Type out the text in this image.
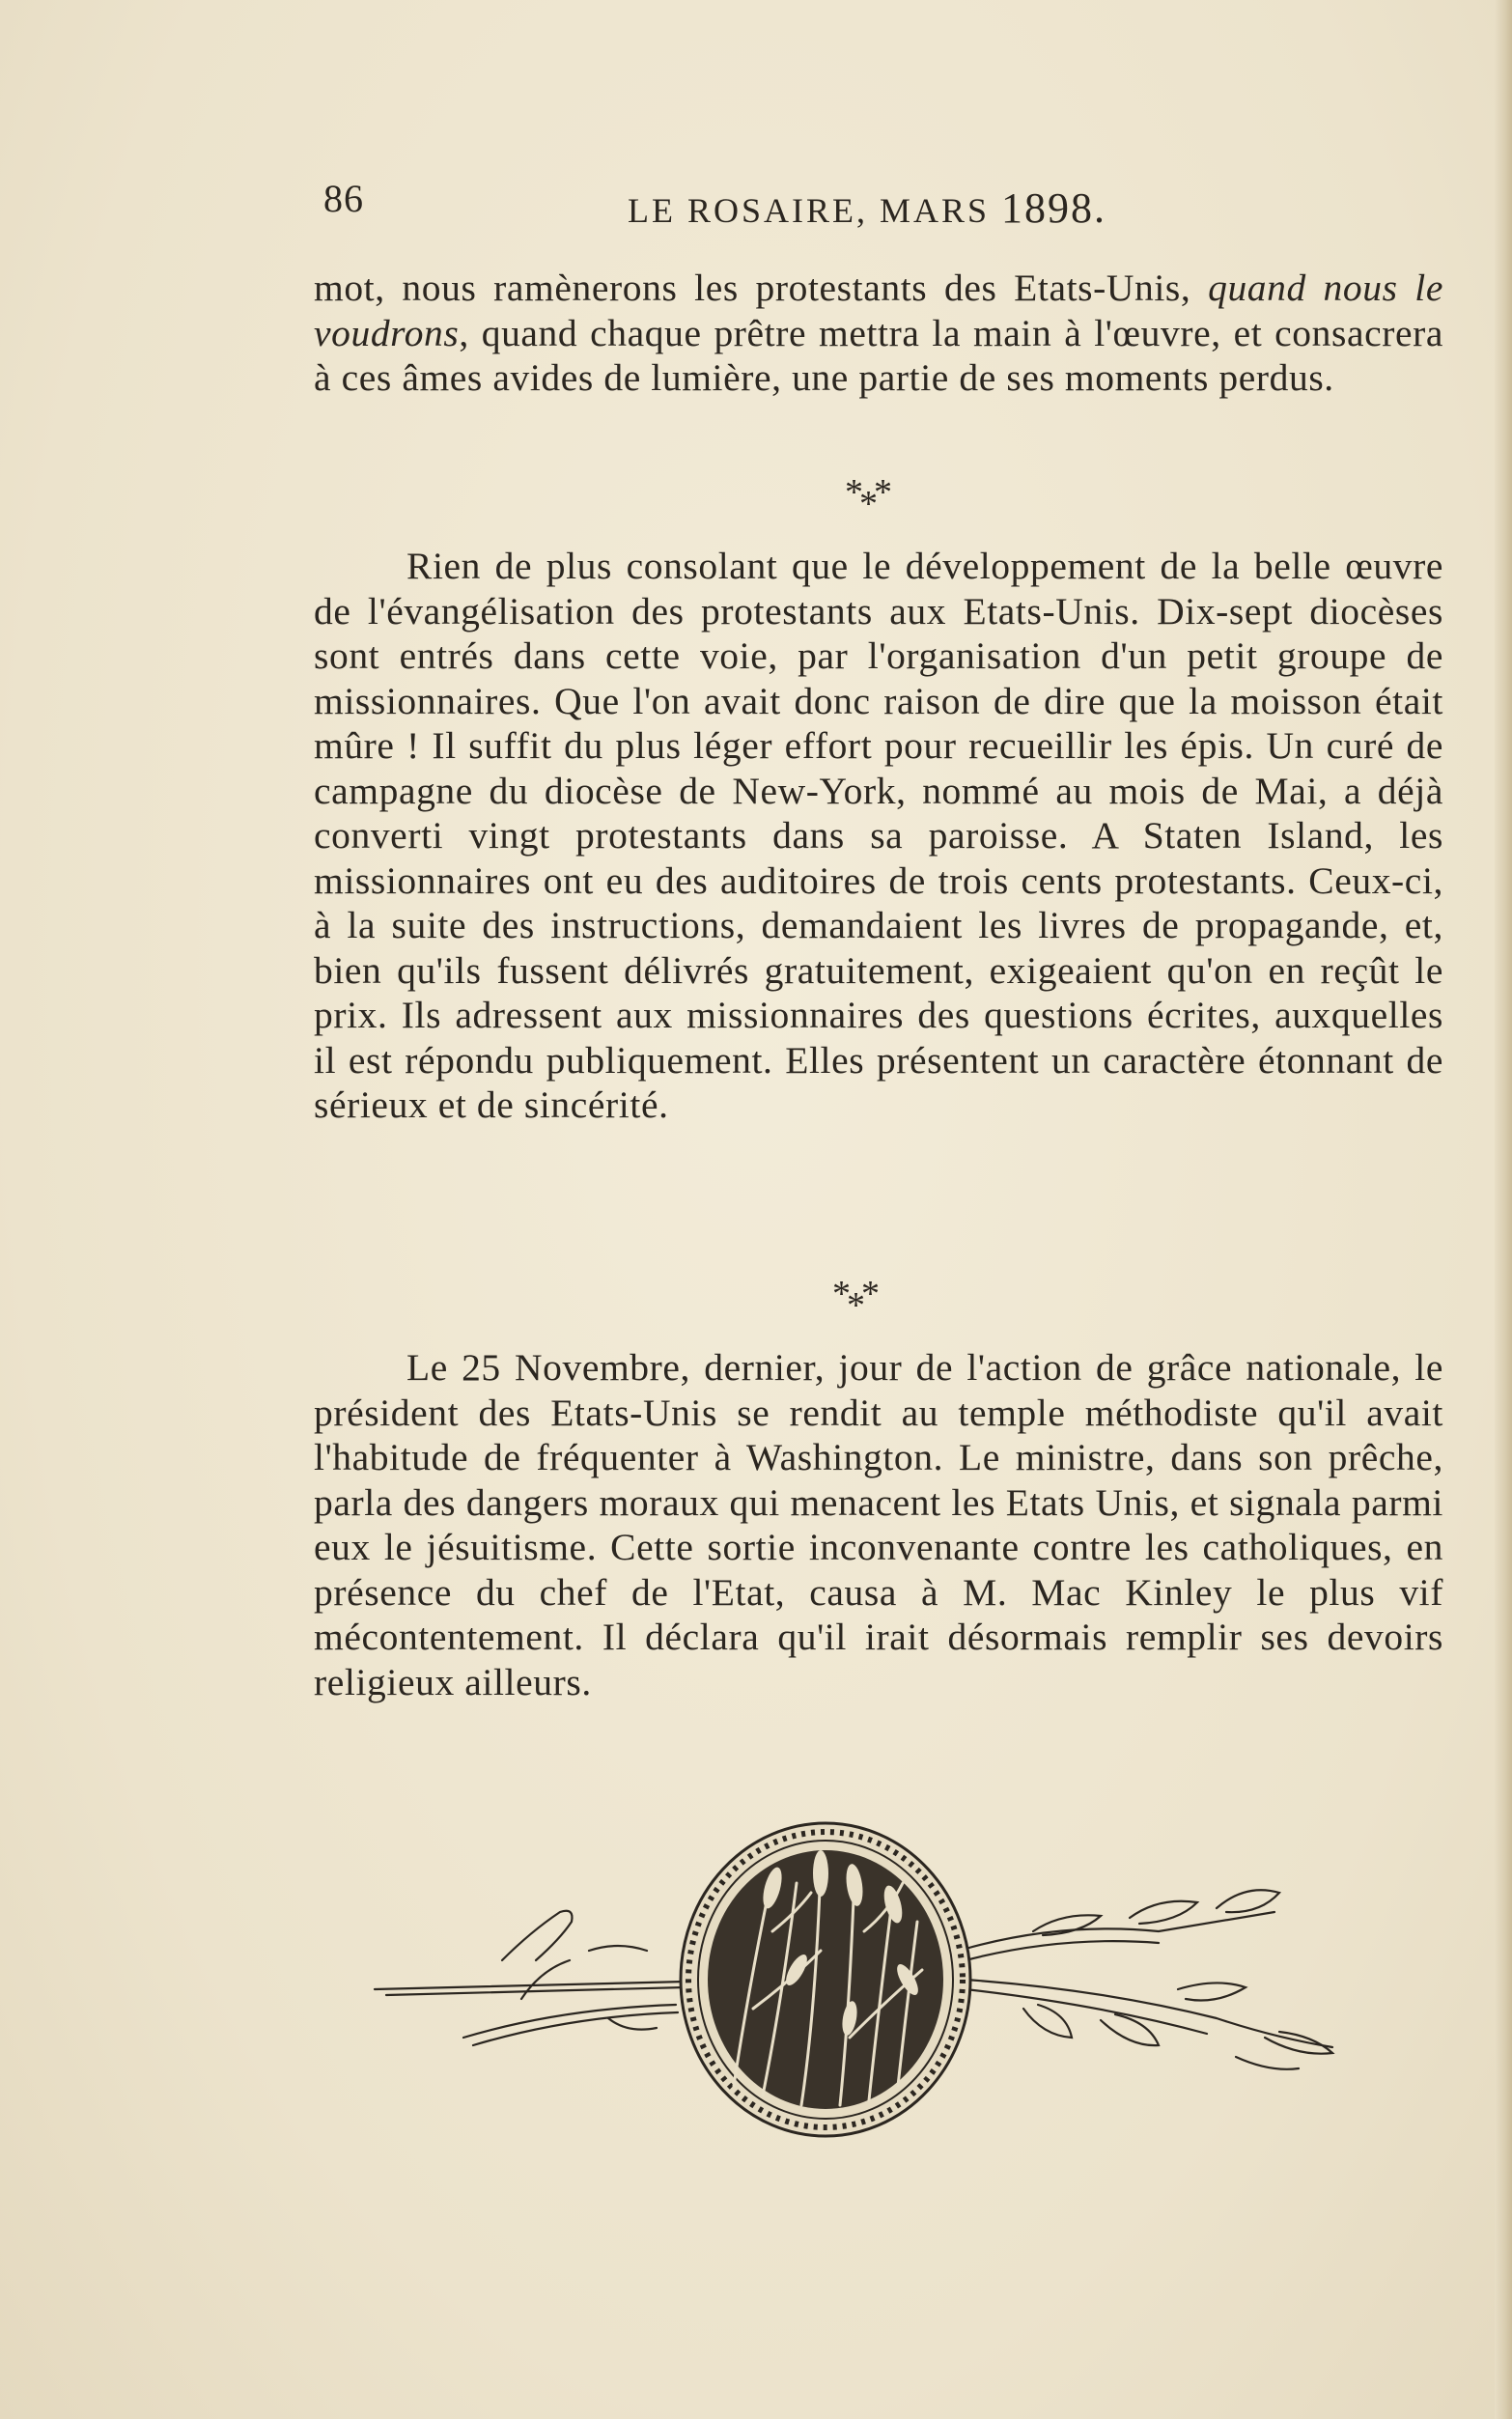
86	LE ROSAIRE, MARS 1898.

mot, nous ramènerons les protestants des Etats-Unis, quand nous le voudrons, quand chaque prêtre mettra la main à l'œuvre, et consacrera à ces âmes avides de lumière, une partie de ses moments perdus.

***

Rien de plus consolant que le développement de la belle œuvre de l'évangélisation des protestants aux Etats-Unis. Dix-sept diocèses sont entrés dans cette voie, par l'organisation d'un petit groupe de missionnaires. Que l'on avait donc raison de dire que la moisson était mûre ! Il suffit du plus léger effort pour recueillir les épis. Un curé de campagne du diocèse de New-York, nommé au mois de Mai, a déjà converti vingt protestants dans sa paroisse. A Staten Island, les missionnaires ont eu des auditoires de trois cents protestants. Ceux-ci, à la suite des instructions, demandaient les livres de propagande, et, bien qu'ils fussent délivrés gratuitement, exigeaient qu'on en reçût le prix. Ils adressent aux missionnaires des questions écrites, auxquelles il est répondu publiquement. Elles présentent un caractère étonnant de sérieux et de sincérité.

***

Le 25 Novembre, dernier, jour de l'action de grâce nationale, le président des Etats-Unis se rendit au temple méthodiste qu'il avait l'habitude de fréquenter à Washington. Le ministre, dans son prêche, parla des dangers moraux qui menacent les Etats Unis, et signala parmi eux le jésuitisme. Cette sortie inconvenante contre les catholiques, en présence du chef de l'Etat, causa à M. Mac Kinley le plus vif mécontentement. Il déclara qu'il irait désormais remplir ses devoirs religieux ailleurs.
